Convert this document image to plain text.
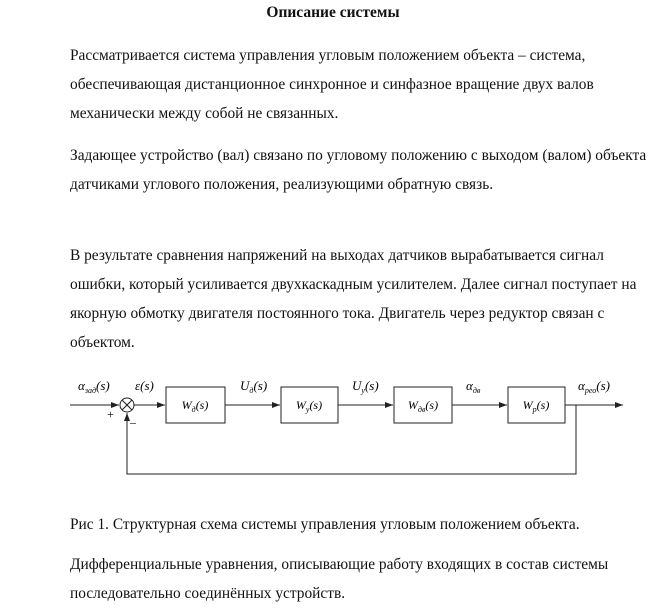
Описание системы

Рассматривается система управления угловым положением объекта – система, обеспечивающая дистанционное синхронное и синфазное вращение двух валов механически между собой не связанных.

Задающее устройство (вал) связано по угловому положению с выходом (валом) объекта датчиками углового положения, реализующими обратную связь.

В результате сравнения напряжений на выходах датчиков вырабатывается сигнал ошибки, который усиливается двухкаскадным усилителем. Далее сигнал поступает на якорную обмотку двигателя постоянного тока. Двигатель через редуктор связан с объектом.

+
–
$W_д(s)$	$W_у(s)$	$W_{дв}(s)$	$W_р(s)$
$\alpha_{зад}(s)$ ε(s)	$U_д(s)$	$U_у(s)$	$\alpha_{дв}$	$\alpha_{рео}(s)$

Рис 1. Структурная схема системы управления угловым положением объекта.

Дифференциальные уравнения, описывающие работу входящих в состав системы последовательно соединённых устройств.
